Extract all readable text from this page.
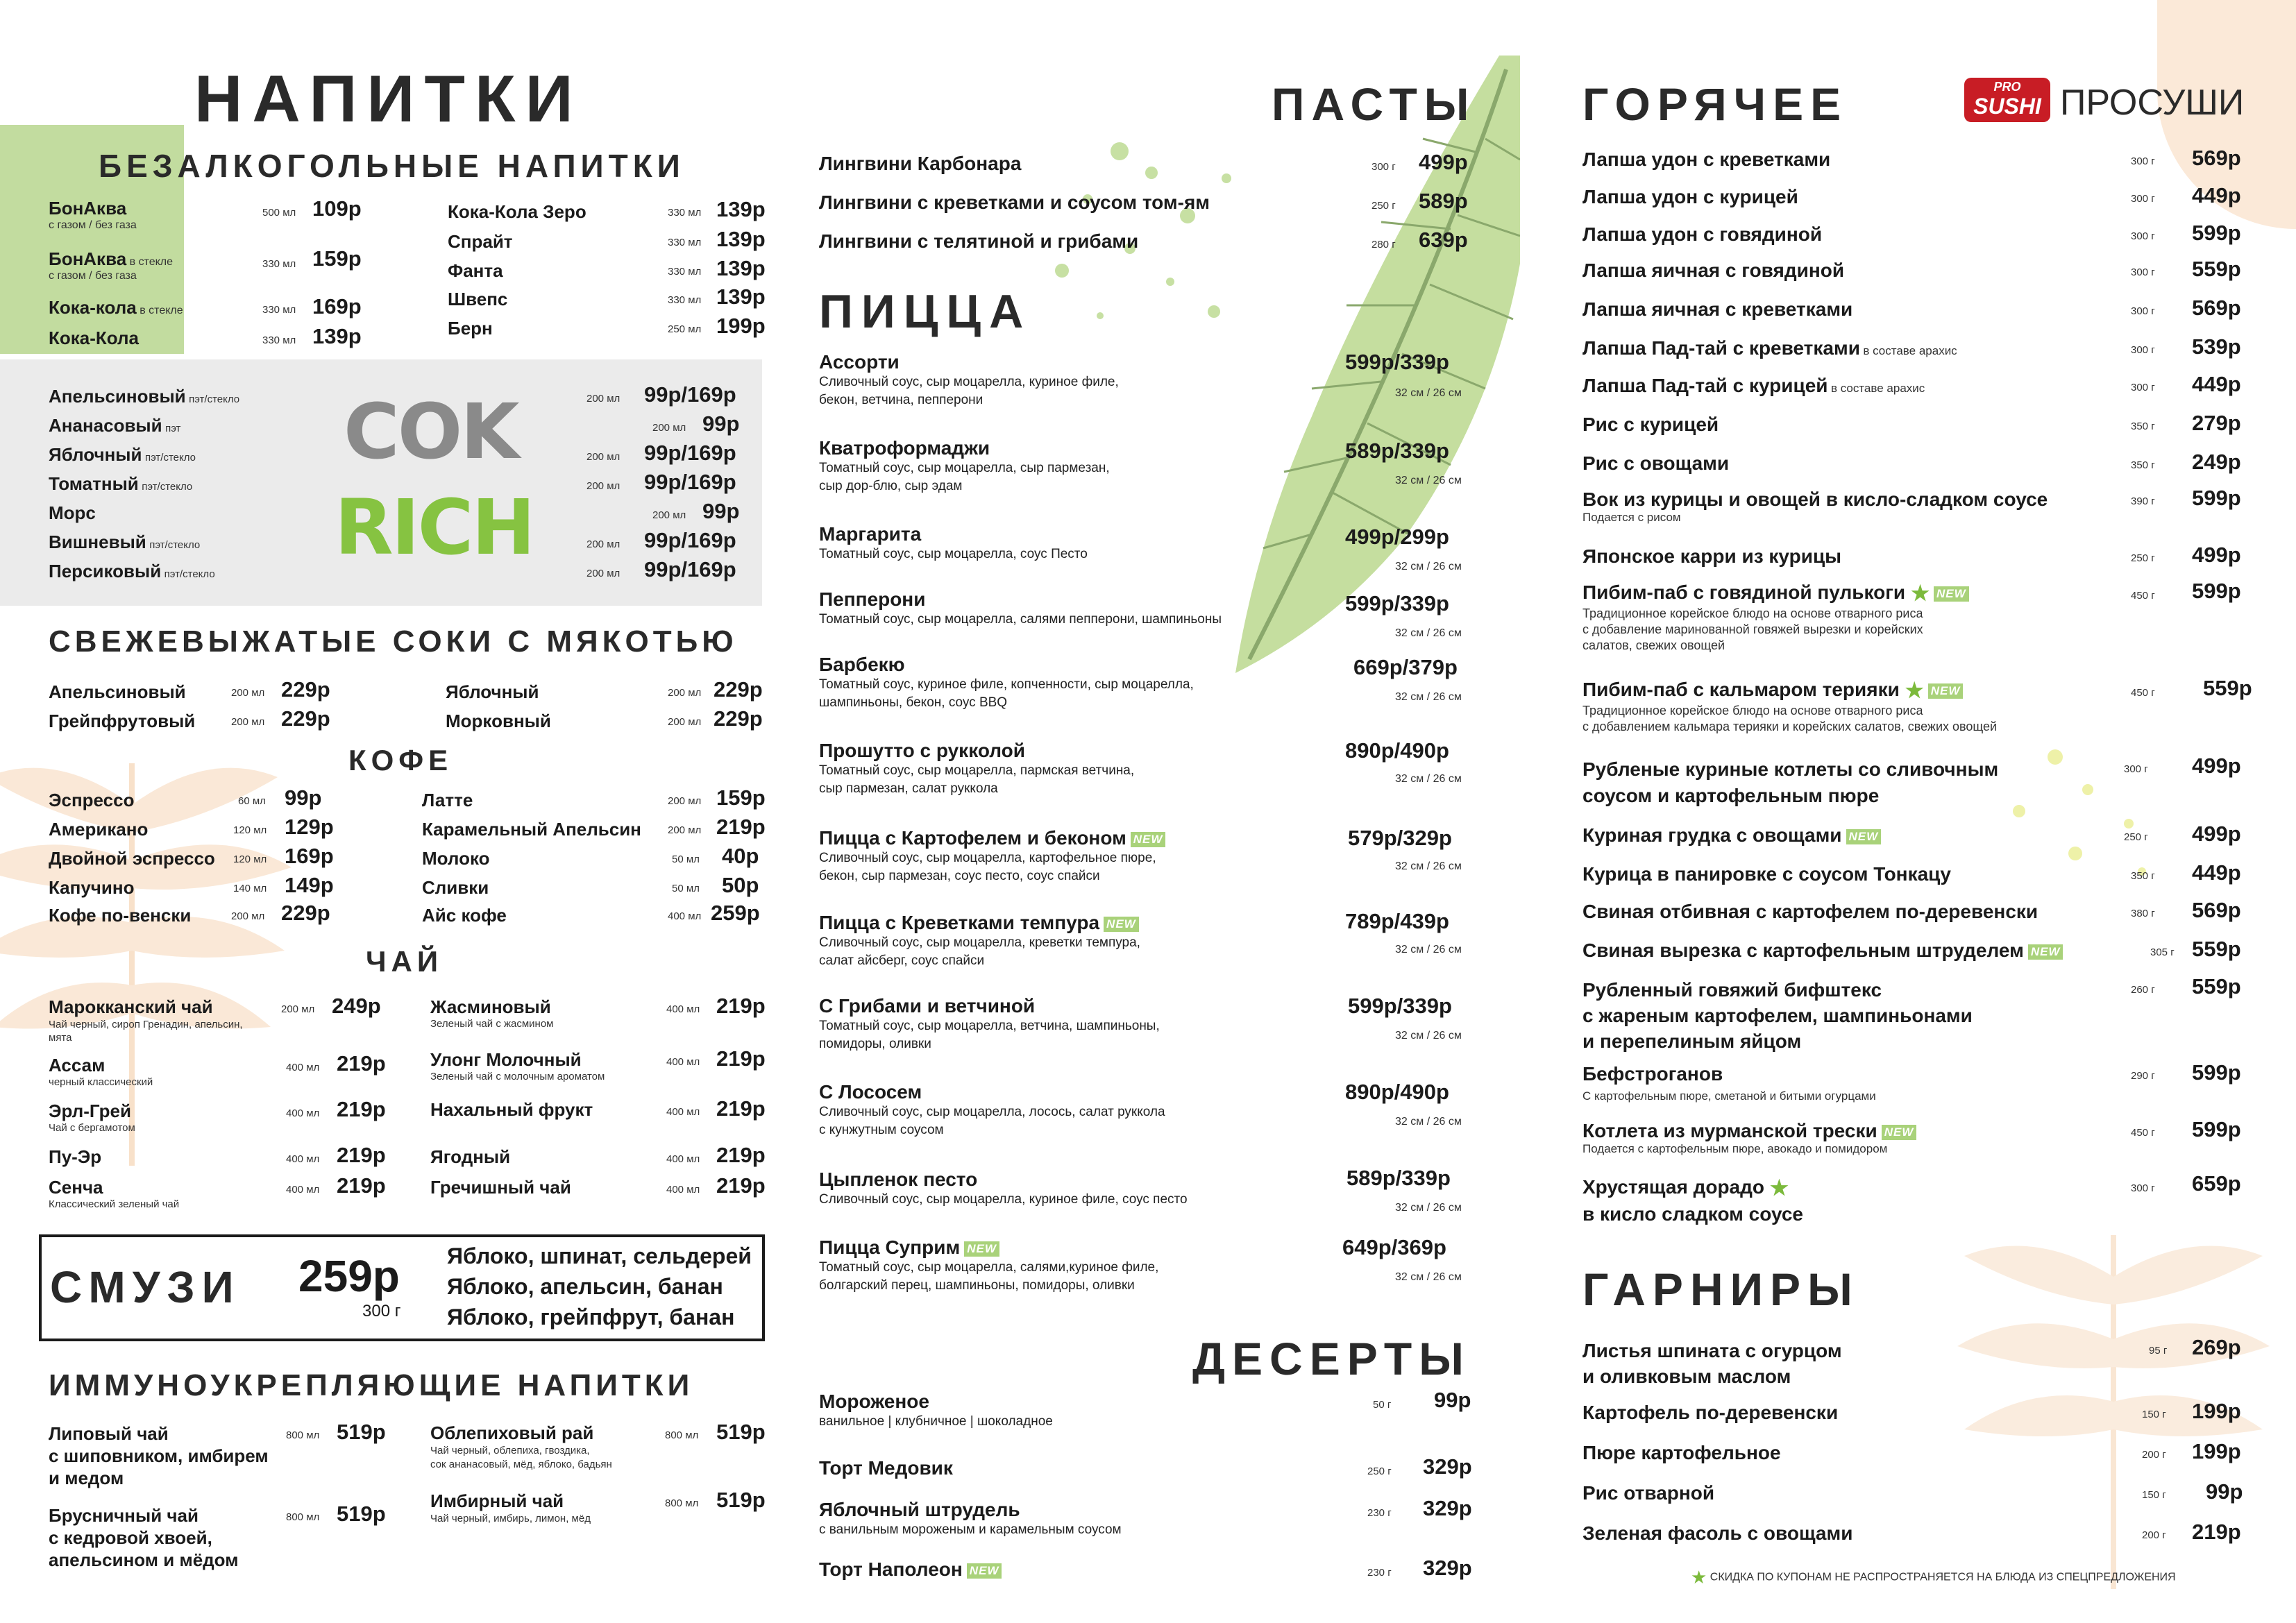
НАПИТКИ
БЕЗАЛКОГОЛЬНЫЕ НАПИТКИ
БонАква
с газом / без газа
500 мл 109р
БонАква в стекле
с газом / без газа
330 мл 159р
Кока-кола в стекле	330 мл 169р
Кока-Кола	330 мл 139р
Кока-Кола Зеро	330 мл 139р
Спрайт	330 мл 139р
Фанта	330 мл 139р
Швепс	330 мл 139р
Берн	250 мл 199р
COK
RICH
Апельсиновый пэт/стекло	200 мл 99р/169р
Ананасовый пэт	200 мл 99р
Яблочный пэт/стекло	200 мл 99р/169р
Томатный пэт/стекло	200 мл 99р/169р
Морс	200 мл 99р
Вишневый пэт/стекло	200 мл 99р/169р
Персиковый пэт/стекло	200 мл 99р/169р
СВЕЖЕВЫЖАТЫЕ СОКИ С МЯКОТЬЮ
Апельсиновый	200 мл 229р
Грейпфрутовый	200 мл 229р
Яблочный	200 мл 229р
Морковный	200 мл 229р
КОФЕ
Эспрессо	60 мл 99р
Американо	120 мл 129р
Двойной эспрессо 120 мл 169р
Капучино	140 мл 149р
Кофе по-венски	200 мл 229р
Латте	200 мл 159р
Карамельный Апельсин	200 мл 219р
Молоко	50 мл 40р
Сливки	50 мл 50р
Айс кофе	400 мл 259р
ЧАЙ
Марокканский чай
Чай черный, сироп Гренадин, апельсин, мята
200 мл 249р
Ассам
черный классический
400 мл 219р
Эрл-Грей
Чай с бергамотом
400 мл 219р
Пу-Эр	400 мл 219р
Сенча
Классический зеленый чай
400 мл 219р
Жасминовый
Зеленый чай с жасмином
400 мл 219р
Улонг Молочный
Зеленый чай с молочным ароматом
400 мл 219р
Нахальный фрукт	400 мл 219р
Ягодный	400 мл 219р
Гречишный чай	400 мл 219р
СМУЗИ 259р
300 г
Яблоко, шпинат, сельдерей
Яблоко, апельсин, банан
Яблоко, грейпфрут, банан
ИММУНОУКРЕПЛЯЮЩИЕ НАПИТКИ
Липовый чай
с шиповником, имбирем
и медом
800 мл 519р
Брусничный чай
с кедровой хвоей,
апельсином и мёдом
800 мл 519р
Облепиховый рай
Чай черный, облепиха, гвоздика,
сок ананасовый, мёд, яблоко, бадьян
800 мл 519р
Имбирный чай
Чай черный, имбирь, лимон, мёд
800 мл 519р
ПАСТЫ
Лингвини Карбонара	300 г 499р
Лингвини с креветками и соусом том-ям	250 г 589р
Лингвини с телятиной и грибами	280 г 639р
ПИЦЦА
Ассорти
Сливочный соус, сыр моцарелла, куриное филе,
бекон, ветчина, пепперони
599р/339р
32 см / 26 см
Кватроформаджи
Томатный соус, сыр моцарелла, сыр пармезан,
сыр дор-блю, сыр эдам
589р/339р
32 см / 26 см
Маргарита
Томатный соус, сыр моцарелла, соус Песто
499р/299р
32 см / 26 см
Пепперони
Томатный соус, сыр моцарелла, салями пепперони, шампиньоны
599р/339р
32 см / 26 см
Барбекю
Томатный соус, куриное филе, копченности, сыр моцарелла,
шампиньоны, бекон, соус BBQ
669р/379р
32 см / 26 см
Прошутто с рукколой
Томатный соус, сыр моцарелла, пармская ветчина,
сыр пармезан, салат руккола
890р/490р
32 см / 26 см
Пицца с Картофелем и беконом NEW
Сливочный соус, сыр моцарелла, картофельное пюре,
бекон, сыр пармезан, соус песто, соус спайси
579р/329р
32 см / 26 см
Пицца с Креветками темпура NEW
Сливочный соус, сыр моцарелла, креветки темпура,
салат айсберг, соус спайси
789р/439р
32 см / 26 см
С Грибами и ветчиной
Томатный соус, сыр моцарелла, ветчина, шампиньоны,
помидоры, оливки
599р/339р
32 см / 26 см
С Лососем
Сливочный соус, сыр моцарелла, лосось, салат руккола
с кунжутным соусом
890р/490р
32 см / 26 см
Цыпленок песто
Сливочный соус, сыр моцарелла, куриное филе, соус песто
589р/339р
32 см / 26 см
Пицца Суприм NEW
Томатный соус, сыр моцарелла, салями,куриное филе,
болгарский перец, шампиньоны, помидоры, оливки
649р/369р
32 см / 26 см
ДЕСЕРТЫ
Мороженое
ванильное | клубничное | шоколадное
50 г 99р
Торт Медовик	250 г 329р
Яблочный штрудель
с ванильным мороженым и карамельным соусом
230 г 329р
Торт Наполеон NEW	230 г 329р
ГОРЯЧЕЕ	PRO
SUSHI ПРОСУШИ
Лапша удон с креветками	300 г 569р
Лапша удон с курицей	300 г 449р
Лапша удон с говядиной	300 г 599р
Лапша яичная с говядиной	300 г 559р
Лапша яичная с креветками	300 г 569р
Лапша Пад-тай с креветками в составе арахис	300 г 539р
Лапша Пад-тай с курицей в составе арахис	300 г 449р
Рис с курицей	350 г 279р
Рис с овощами	350 г 249р
Вок из курицы и овощей в кисло-сладком соусе
Подается с рисом
390 г 599р
Японское карри из курицы	250 г 499р
Пибим-паб с говядиной пулькоги ★ NEW
Традиционное корейское блюдо на основе отварного риса
с добавление маринованной говяжей вырезки и корейских
салатов, свежих овощей
450 г 599р
Пибим-паб с кальмаром терияки ★ NEW
Традиционное корейское блюдо на основе отварного риса
с добавлением кальмара терияки и корейских салатов, свежих овощей
450 г 559р
Рубленые куриные котлеты со сливочным
соусом и картофельным пюре
300 г 499р
Куриная грудка с овощами NEW	250 г 499р
Курица в панировке с соусом Тонкацу	350 г 449р
Свиная отбивная с картофелем по-деревенски	380 г 569р
Свиная вырезка с картофельным штруделем NEW	305 г 559р
Рубленный говяжий бифштекс
с жареным картофелем, шампиньонами
и перепелиным яйцом
260 г 559р
Бефстроганов
С картофельным пюре, сметаной и битыми огурцами
290 г 599р
Котлета из мурманской трески NEW
Подается с картофельным пюре, авокадо и помидором
450 г 599р
Хрустящая дорадо ★
в кисло сладком соусе
300 г 659р
ГАРНИРЫ
Листья шпината с огурцом
и оливковым маслом
95 г 269р
Картофель по-деревенски	150 г 199р
Пюре картофельное	200 г 199р
Рис отварной	150 г 99р
Зеленая фасоль с овощами	200 г 219р
★ СКИДКА ПО КУПОНАМ НЕ РАСПРОСТРАНЯЕТСЯ НА БЛЮДА ИЗ СПЕЦПРЕДЛОЖЕНИЯ
